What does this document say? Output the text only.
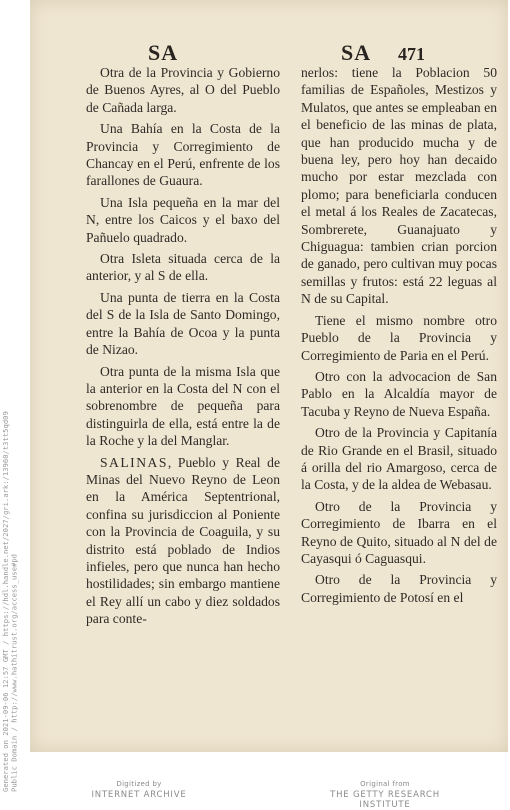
SA	SA 471

Otra de la Provincia y Gobierno de Buenos Ayres, al O del Pueblo de Cañada larga.

Una Bahía en la Costa de la Provincia y Corregimiento de Chancay en el Perú, enfrente de los farallones de Guaura.

Una Isla pequeña en la mar del N, entre los Caicos y el baxo del Pañuelo quadrado.

Otra Isleta situada cerca de la anterior, y al S de ella.

Una punta de tierra en la Costa del S de la Isla de Santo Domingo, entre la Bahía de Ocoa y la punta de Nizao.

Otra punta de la misma Isla que la anterior en la Costa del N con el sobrenombre de pequeña para distinguirla de ella, está entre la de la Roche y la del Manglar.

SALINAS, Pueblo y Real de Minas del Nuevo Reyno de Leon en la América Septentrional, confina su jurisdiccion al Poniente con la Provincia de Coaguila, y su distrito está poblado de Indios infieles, pero que nunca han hecho hostilidades; sin embargo mantiene el Rey allí un cabo y diez soldados para conte-

nerlos: tiene la Poblacion 50 familias de Españoles, Mestizos y Mulatos, que antes se empleaban en el beneficio de las minas de plata, que han producido mucha y de buena ley, pero hoy han decaido mucho por estar mezclada con plomo; para beneficiarla conducen el metal á los Reales de Zacatecas, Sombrerete, Guanajuato y Chiguagua: tambien crian porcion de ganado, pero cultivan muy pocas semillas y frutos: está 22 leguas al N de su Capital.

Tiene el mismo nombre otro Pueblo de la Provincia y Corregimiento de Paria en el Perú.

Otro con la advocacion de San Pablo en la Alcaldía mayor de Tacuba y Reyno de Nueva España.

Otro de la Provincia y Capitanía de Rio Grande en el Brasil, situado á orilla del rio Amargoso, cerca de la Costa, y de la aldea de Webasau.

Otro de la Provincia y Corregimiento de Ibarra en el Reyno de Quito, situado al N del de Cayasqui ó Caguasqui.

Otro de la Provincia y Corregimiento de Potosí en el

Generated on 2021-09-06 12:57 GMT / https://hdl.handle.net/2027/gri.ark:/13960/t3tt5qd09 Public Domain / http://www.hathitrust.org/access_use#pd	Digitized by
INTERNET ARCHIVE
Original from
THE GETTY RESEARCH INSTITUTE
